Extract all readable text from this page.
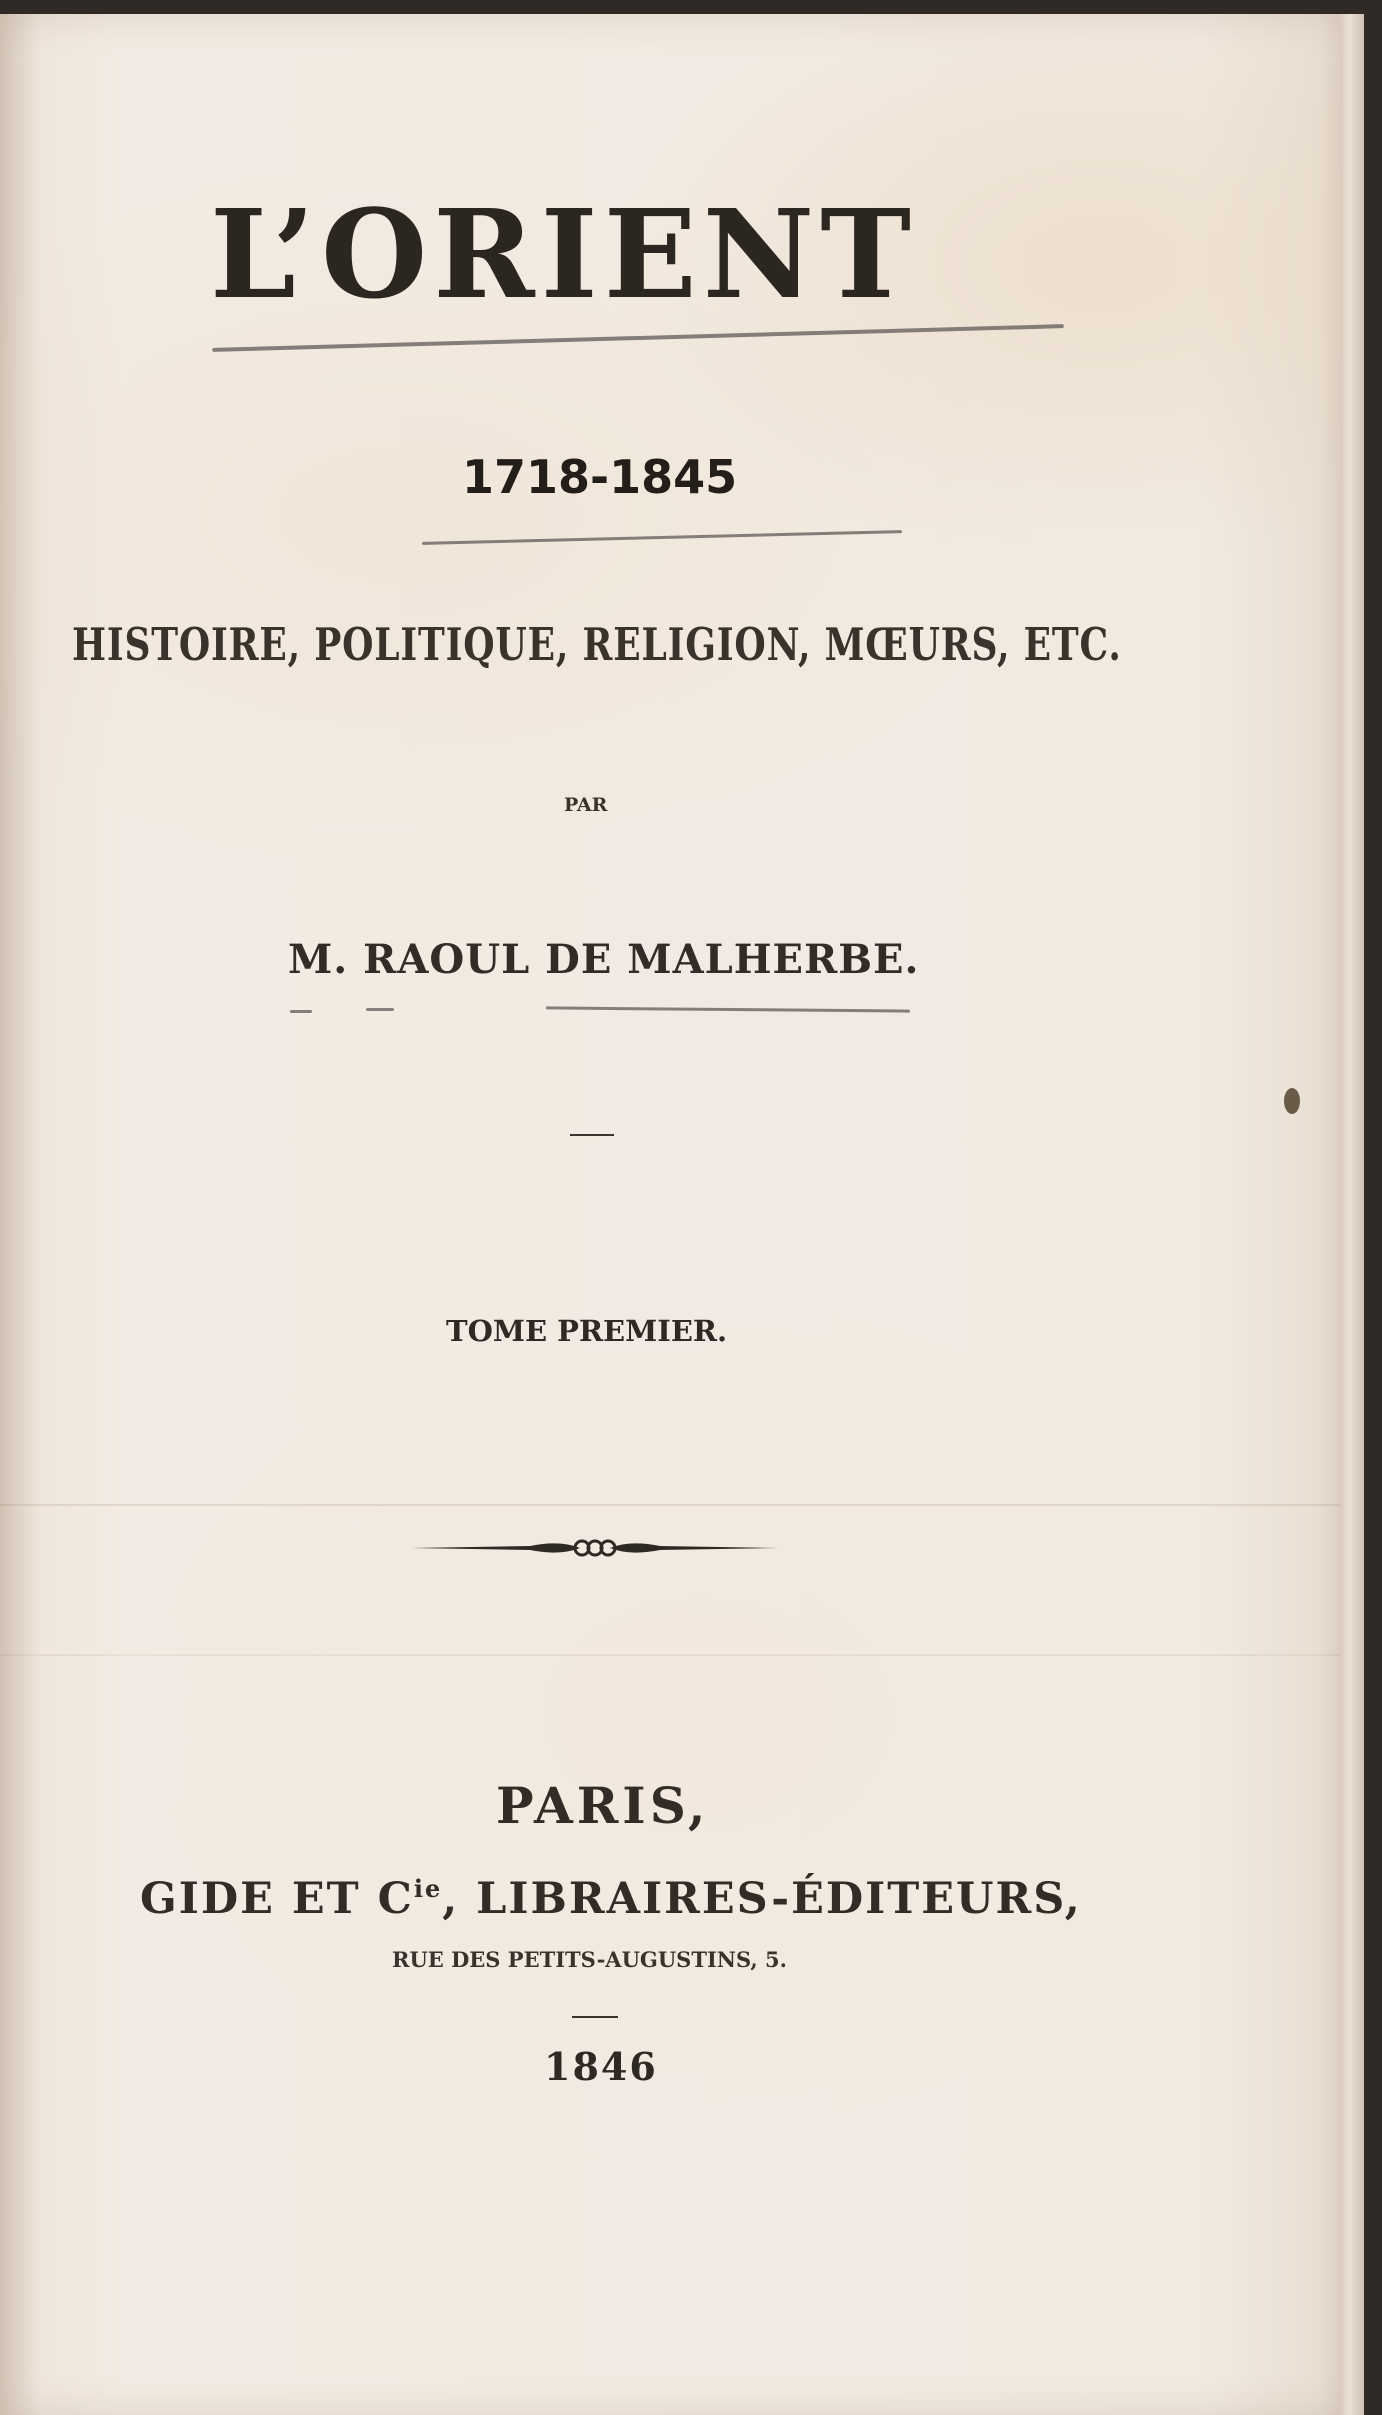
L’ORIENT
1718-1845
HISTOIRE, POLITIQUE, RELIGION, MŒURS, ETC.
PAR
M. RAOUL DE MALHERBE.
TOME PREMIER.
PARIS,
GIDE ET $C^{ie}$, LIBRAIRES-ÉDITEURS,
RUE DES PETITS-AUGUSTINS, 5.
1846
